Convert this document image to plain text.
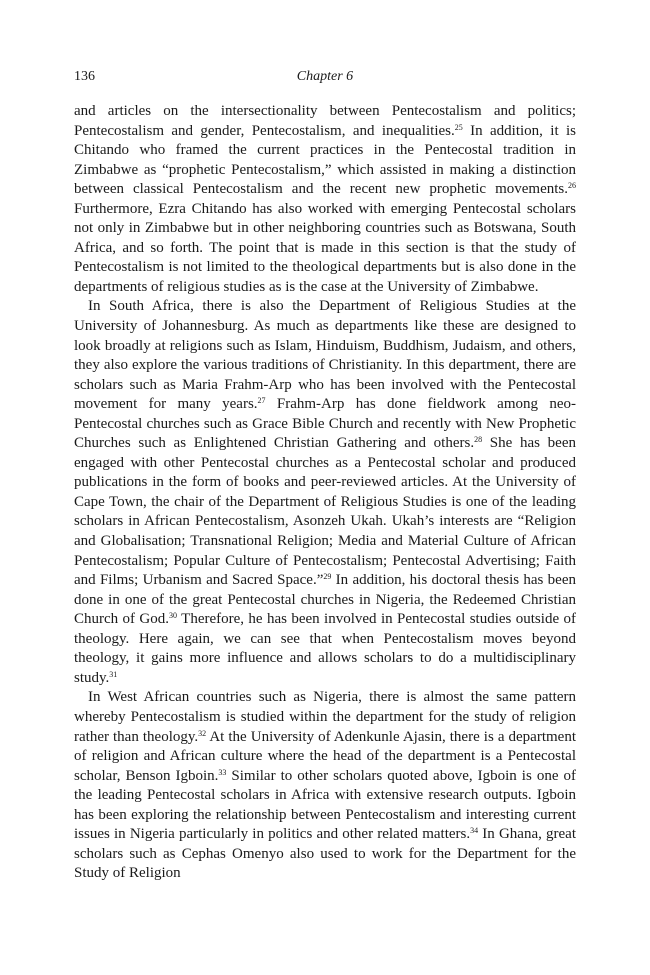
136	Chapter 6

and articles on the intersectionality between Pentecostalism and politics; Pentecostalism and gender, Pentecostalism, and inequalities.$^{25}$ In addition, it is Chitando who framed the current practices in the Pentecostal tradition in Zimbabwe as “prophetic Pentecostalism,” which assisted in making a distinction between classical Pentecostalism and the recent new prophetic movements.$^{26}$ Furthermore, Ezra Chitando has also worked with emerging Pentecostal scholars not only in Zimbabwe but in other neighboring countries such as Botswana, South Africa, and so forth. The point that is made in this section is that the study of Pentecostalism is not limited to the theological departments but is also done in the departments of religious studies as is the case at the University of Zimbabwe.

In South Africa, there is also the Department of Religious Studies at the University of Johannesburg. As much as departments like these are designed to look broadly at religions such as Islam, Hinduism, Buddhism, Judaism, and others, they also explore the various traditions of Christianity. In this department, there are scholars such as Maria Frahm-Arp who has been involved with the Pentecostal movement for many years.$^{27}$ Frahm-Arp has done fieldwork among neo-Pentecostal churches such as Grace Bible Church and recently with New Prophetic Churches such as Enlightened Christian Gathering and others.$^{28}$ She has been engaged with other Pentecostal churches as a Pentecostal scholar and produced publications in the form of books and peer-reviewed articles. At the University of Cape Town, the chair of the Department of Religious Studies is one of the leading scholars in African Pentecostalism, Asonzeh Ukah. Ukah’s interests are “Religion and Globalisation; Transnational Religion; Media and Material Culture of African Pentecostalism; Popular Culture of Pentecostalism; Pentecostal Advertising; Faith and Films; Urbanism and Sacred Space.”$^{29}$ In addition, his doctoral thesis has been done in one of the great Pentecostal churches in Nigeria, the Redeemed Christian Church of God.$^{30}$ Therefore, he has been involved in Pentecostal studies outside of theology. Here again, we can see that when Pentecostalism moves beyond theology, it gains more influence and allows scholars to do a multidisciplinary study.$^{31}$

In West African countries such as Nigeria, there is almost the same pattern whereby Pentecostalism is studied within the department for the study of religion rather than theology.$^{32}$ At the University of Adenkunle Ajasin, there is a department of religion and African culture where the head of the department is a Pentecostal scholar, Benson Igboin.$^{33}$ Similar to other scholars quoted above, Igboin is one of the leading Pentecostal scholars in Africa with extensive research outputs. Igboin has been exploring the relationship between Pentecostalism and interesting current issues in Nigeria particularly in politics and other related matters.$^{34}$ In Ghana, great scholars such as Cephas Omenyo also used to work for the Department for the Study of Religion
